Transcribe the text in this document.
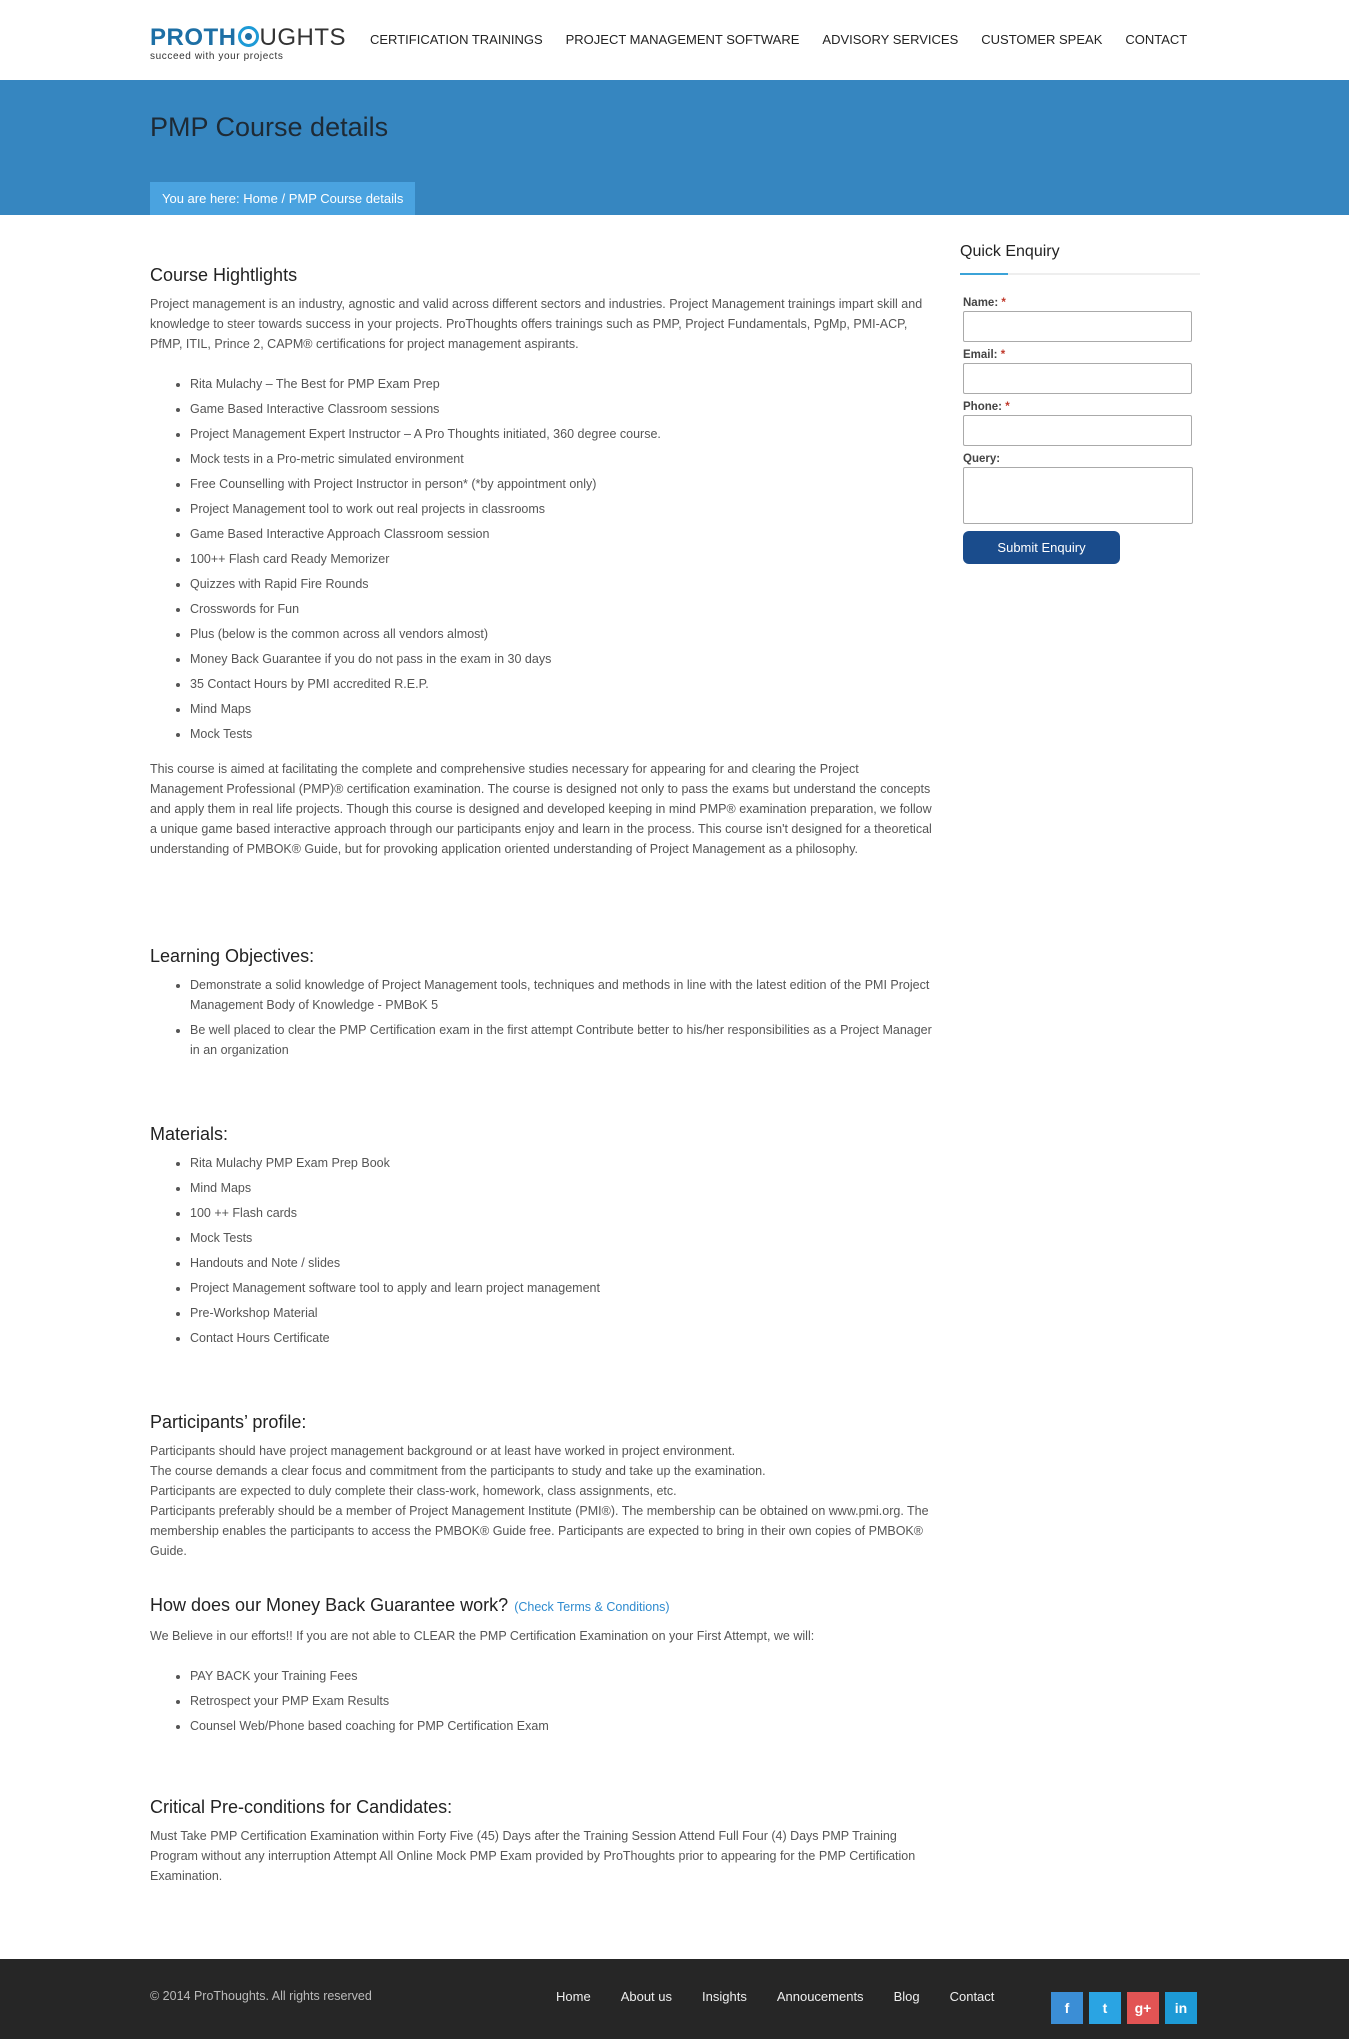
PROTH UGHTS
succeed with your projects
CERTIFICATION TRAININGS PROJECT MANAGEMENT SOFTWARE ADVISORY SERVICES CUSTOMER SPEAK CONTACT
PMP Course details
You are here: Home / PMP Course details
Course Hightlights

Project management is an industry, agnostic and valid across different sectors and industries. Project Management trainings impart skill and knowledge to steer towards success in your projects. ProThoughts offers trainings such as PMP, Project Fundamentals, PgMp, PMI-ACP, PfMP, ITIL, Prince 2, CAPM® certifications for project management aspirants.

• Rita Mulachy – The Best for PMP Exam Prep
• Game Based Interactive Classroom sessions
• Project Management Expert Instructor – A Pro Thoughts initiated, 360 degree course.
• Mock tests in a Pro-metric simulated environment
• Free Counselling with Project Instructor in person* (*by appointment only)
• Project Management tool to work out real projects in classrooms
• Game Based Interactive Approach Classroom session
• 100++ Flash card Ready Memorizer
• Quizzes with Rapid Fire Rounds
• Crosswords for Fun
• Plus (below is the common across all vendors almost)
• Money Back Guarantee if you do not pass in the exam in 30 days
• 35 Contact Hours by PMI accredited R.E.P.
• Mind Maps
• Mock Tests

This course is aimed at facilitating the complete and comprehensive studies necessary for appearing for and clearing the Project Management Professional (PMP)® certification examination. The course is designed not only to pass the exams but understand the concepts and apply them in real life projects. Though this course is designed and developed keeping in mind PMP® examination preparation, we follow a unique game based interactive approach through our participants enjoy and learn in the process. This course isn't designed for a theoretical understanding of PMBOK® Guide, but for provoking application oriented understanding of Project Management as a philosophy.

Learning Objectives:
• Demonstrate a solid knowledge of Project Management tools, techniques and methods in line with the latest edition of the PMI Project Management Body of Knowledge - PMBoK 5
• Be well placed to clear the PMP Certification exam in the first attempt Contribute better to his/her responsibilities as a Project Manager in an organization
Materials:
• Rita Mulachy PMP Exam Prep Book
• Mind Maps
• 100 ++ Flash cards
• Mock Tests
• Handouts and Note / slides
• Project Management software tool to apply and learn project management
• Pre-Workshop Material
• Contact Hours Certificate
Participants’ profile:

Participants should have project management background or at least have worked in project environment.

The course demands a clear focus and commitment from the participants to study and take up the examination.

Participants are expected to duly complete their class-work, homework, class assignments, etc.

Participants preferably should be a member of Project Management Institute (PMI®). The membership can be obtained on www.pmi.org. The membership enables the participants to access the PMBOK® Guide free. Participants are expected to bring in their own copies of PMBOK® Guide.

How does our Money Back Guarantee work? (Check Terms & Conditions)

We Believe in our efforts!! If you are not able to CLEAR the PMP Certification Examination on your First Attempt, we will:

• PAY BACK your Training Fees
• Retrospect your PMP Exam Results
• Counsel Web/Phone based coaching for PMP Certification Exam
Critical Pre-conditions for Candidates:

Must Take PMP Certification Examination within Forty Five (45) Days after the Training Session Attend Full Four (4) Days PMP Training Program without any interruption Attempt All Online Mock PMP Exam provided by ProThoughts prior to appearing for the PMP Certification Examination.

Quick Enquiry
Name: *
Email: *
Phone: *
Query:
Submit Enquiry
© 2014 ProThoughts. All rights reserved	Home About us Insights Annoucements Blog Contact
f	t	g+	in
